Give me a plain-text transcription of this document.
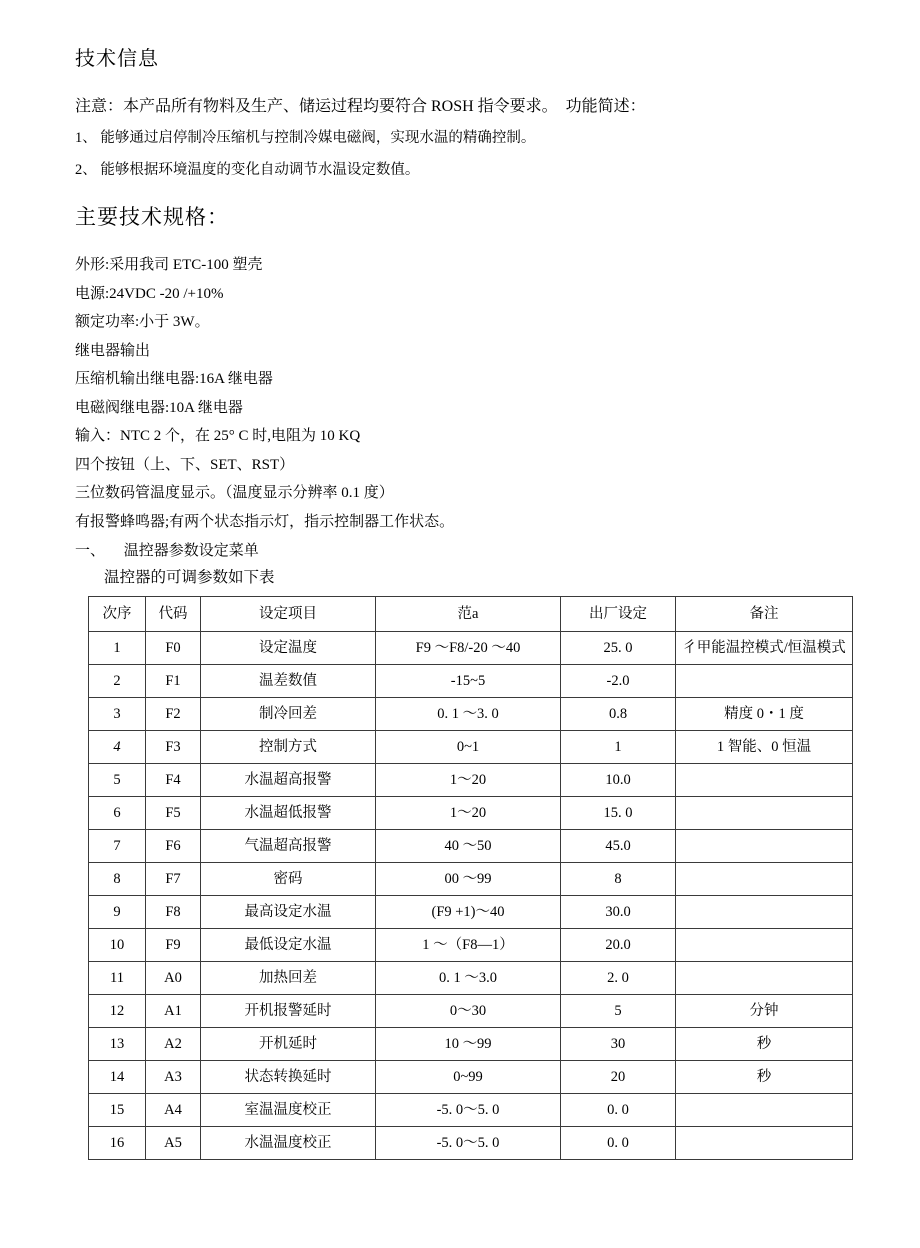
技术信息

注意：本产品所有物料及生产、储运过程均要符合 ROSH 指令要求。  功能简述：

1、 能够通过启停制冷压缩机与控制冷媒电磁阀，实现水温的精确控制。

2、 能够根据环境温度的变化自动调节水温设定数值。

主要技术规格：

外形:采用我司 ETC-100 塑壳

电源:24VDC -20 /+10%

额定功率:小于 3W。

继电器输出

压缩机输出继电器:16A 继电器

电磁阀继电器:10A 继电器

输入：NTC 2 个，在 25° C 时,电阻为 10 KQ

四个按钮（上、下、SET、RST）

三位数码管温度显示。（温度显示分辨率 0.1 度）

有报警蜂鸣器;有两个状态指示灯，指示控制器工作状态。

一、     温控器参数设定菜单

温控器的可调参数如下表

次序	代码	设定项目	范a	出厂设定	备注
1	F0	设定温度	F9 ～F8/-20 ～40	25. 0	彳甲能温控模式/恒温模式
2	F1	温差数值	-15~5	-2.0	
3	F2	制冷回差	0. 1 ～3. 0	0.8	精度 0・1 度
4	F3	控制方式	0~1	1	1 智能、0 恒温
5	F4	水温超高报警	1～20	10.0	
6	F5	水温超低报警	1～20	15. 0	
7	F6	气温超高报警	40 ～50	45.0	
8	F7	密码	00 ～99	8	
9	F8	最高设定水温	(F9 +1)～40	30.0	
10	F9	最低设定水温	1 ～（F8—1）	20.0	
11	A0	加热回差	0. 1 ～3.0	2. 0	
12	A1	开机报警延时	0～30	5	分钟
13	A2	开机延时	10 ～99	30	秒
14	A3	状态转换延时	0~99	20	秒
15	A4	室温温度校正	-5. 0～5. 0	0. 0	
16	A5	水温温度校正	-5. 0～5. 0	0. 0	
